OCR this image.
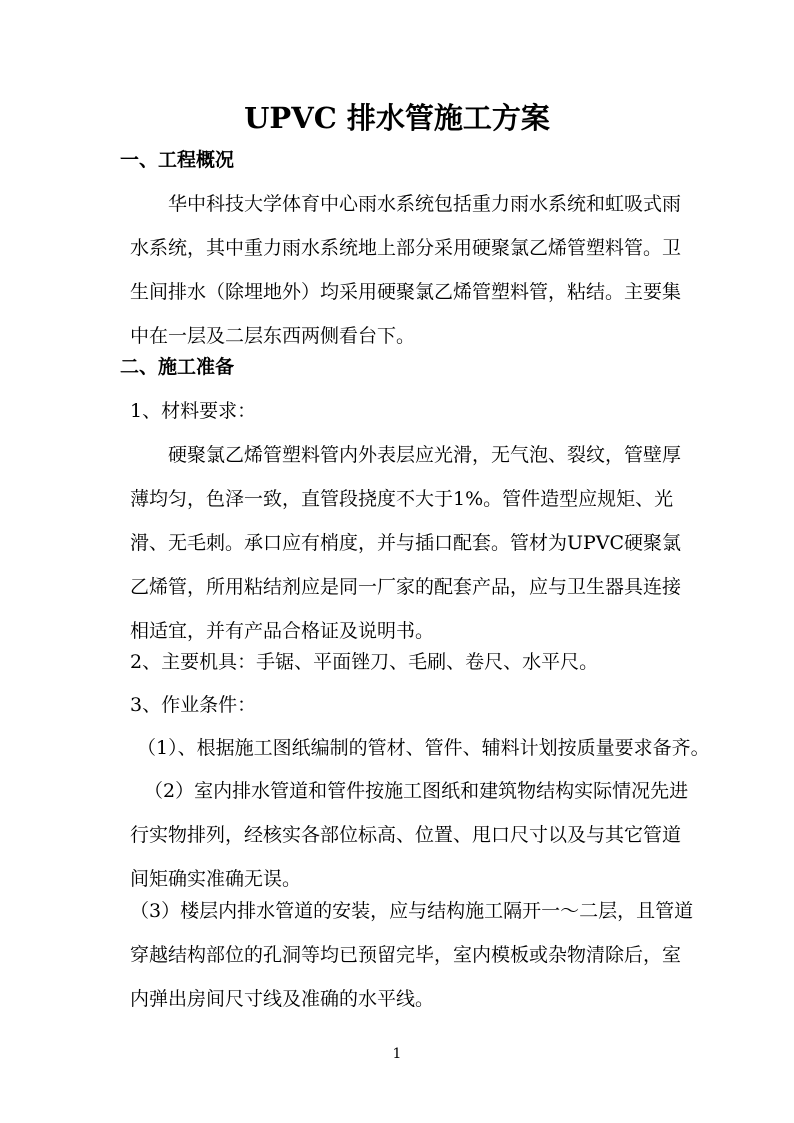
UPVC 排水管施工方案
一、工程概况
华中科技大学体育中心雨水系统包括重力雨水系统和虹吸式雨
水系统，其中重力雨水系统地上部分采用硬聚氯乙烯管塑料管。卫
生间排水（除埋地外）均采用硬聚氯乙烯管塑料管，粘结。主要集
中在一层及二层东西两侧看台下。
二、施工准备
1、材料要求：
硬聚氯乙烯管塑料管内外表层应光滑，无气泡、裂纹，管壁厚
薄均匀，色泽一致，直管段挠度不大于1%。管件造型应规矩、光
滑、无毛刺。承口应有梢度，并与插口配套。管材为UPVC硬聚氯
乙烯管，所用粘结剂应是同一厂家的配套产品，应与卫生器具连接
相适宜，并有产品合格证及说明书。
2、主要机具：手锯、平面锉刀、毛刷、卷尺、水平尺。
3、作业条件：
（1）、根据施工图纸编制的管材、管件、辅料计划按质量要求备齐。
（2）室内排水管道和管件按施工图纸和建筑物结构实际情况先进
行实物排列，经核实各部位标高、位置、甩口尺寸以及与其它管道
间矩确实准确无误。
（3）楼层内排水管道的安装，应与结构施工隔开一～二层，且管道
穿越结构部位的孔洞等均已预留完毕，室内模板或杂物清除后，室
内弹出房间尺寸线及准确的水平线。
1
